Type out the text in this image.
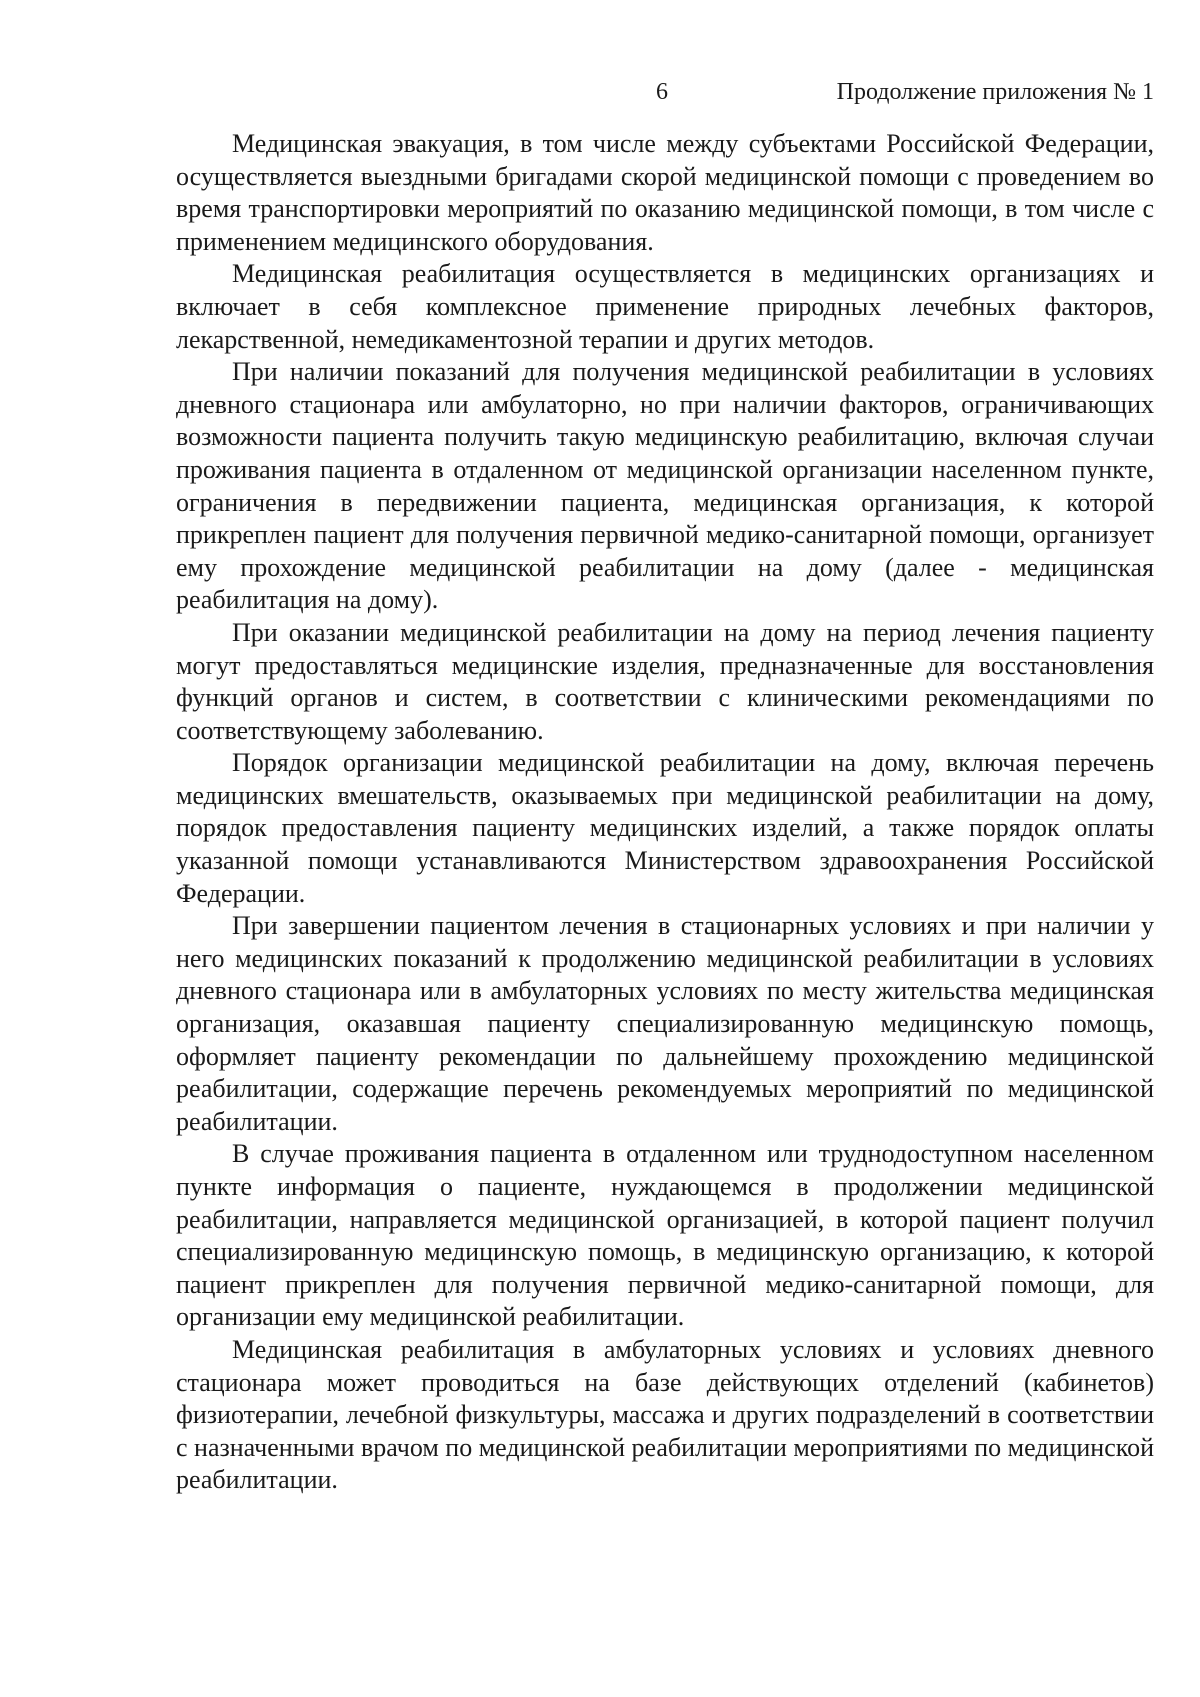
6	Продолжение приложения № 1

Медицинская эвакуация, в том числе между субъектами Российской Федерации, осуществляется выездными бригадами скорой медицинской помощи с проведением во время транспортировки мероприятий по оказанию медицинской помощи, в том числе с применением медицинского оборудования.

Медицинская реабилитация осуществляется в медицинских организациях и включает в себя комплексное применение природных лечебных факторов, лекарственной, немедикаментозной терапии и других методов.

При наличии показаний для получения медицинской реабилитации в условиях дневного стационара или амбулаторно, но при наличии факторов, ограничивающих возможности пациента получить такую медицинскую реабилитацию, включая случаи проживания пациента в отдаленном от медицинской организации населенном пункте, ограничения в передвижении пациента, медицинская организация, к которой прикреплен пациент для получения первичной медико-санитарной помощи, организует ему прохождение медицинской реабилитации на дому (далее - медицинская реабилитация на дому).

При оказании медицинской реабилитации на дому на период лечения пациенту могут предоставляться медицинские изделия, предназначенные для восстановления функций органов и систем, в соответствии с клиническими рекомендациями по соответствующему заболеванию.

Порядок организации медицинской реабилитации на дому, включая перечень медицинских вмешательств, оказываемых при медицинской реабилитации на дому, порядок предоставления пациенту медицинских изделий, а также порядок оплаты указанной помощи устанавливаются Министерством здравоохранения Российской Федерации.

При завершении пациентом лечения в стационарных условиях и при наличии у него медицинских показаний к продолжению медицинской реабилитации в условиях дневного стационара или в амбулаторных условиях по месту жительства медицинская организация, оказавшая пациенту специализированную медицинскую помощь, оформляет пациенту рекомендации по дальнейшему прохождению медицинской реабилитации, содержащие перечень рекомендуемых мероприятий по медицинской реабилитации.

В случае проживания пациента в отдаленном или труднодоступном населенном пункте информация о пациенте, нуждающемся в продолжении медицинской реабилитации, направляется медицинской организацией, в которой пациент получил специализированную медицинскую помощь, в медицинскую организацию, к которой пациент прикреплен для получения первичной медико-санитарной помощи, для организации ему медицинской реабилитации.

Медицинская реабилитация в амбулаторных условиях и условиях дневного стационара может проводиться на базе действующих отделений (кабинетов) физиотерапии, лечебной физкультуры, массажа и других подразделений в соответствии с назначенными врачом по медицинской реабилитации мероприятиями по медицинской реабилитации.
